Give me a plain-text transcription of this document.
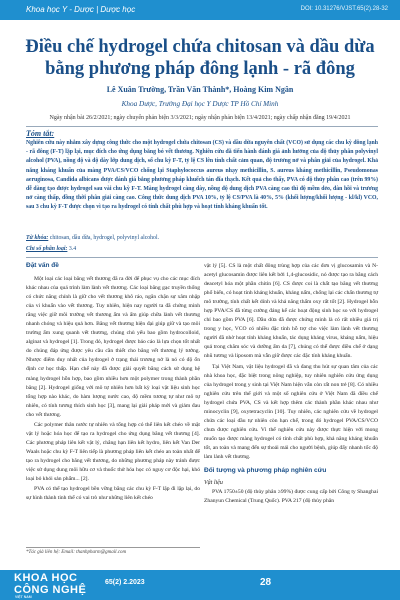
Khoa học Y - Dược | Dược học	DOI: 10.31276/VJST.65(2).28-32
Điều chế hydrogel chứa chitosan và dầu dừa
bằng phương pháp đông lạnh - rã đông
Lê Xuân Trường, Trần Văn Thành*, Hoàng Kim Ngân
Khoa Dược, Trường Đại học Y Dược TP Hồ Chí Minh
Ngày nhận bài 26/2/2021; ngày chuyển phản biện 3/3/2021; ngày nhận phản biện 13/4/2021; ngày chấp nhận đăng 19/4/2021
Tóm tắt:
Nghiên cứu này nhằm xây dựng công thức cho một hydrogel chứa chitosan (CS) và dầu dừa nguyên chất (VCO) sử dụng các chu kỳ đông lạnh - rã đông (F-T) lặp lại, mục đích cho ứng dụng băng bó vết thương. Nghiên cứu đã tiến hành đánh giá ảnh hưởng của độ thủy phân polyvinyl alcohol (PVA), nồng độ và độ dày lớp dung dịch, số chu kỳ F-T, tỷ lệ CS lên tính chất cảm quan, độ trương nở và phân giải của hydrogel. Khả năng kháng khuẩn của màng PVA/CS/VCO chống lại Staphylococcus aureus nhạy methicillin, S. aureus kháng methicillin, Pseudomonas aeruginosa, Candida albicans được đánh giá bằng phương pháp khuếch tán đĩa thạch. Kết quả cho thấy, PVA có độ thủy phân cao (trên 99%) dễ dàng tạo được hydrogel sau vài chu kỳ F-T. Màng hydrogel càng dày, nồng độ dung dịch PVA càng cao thì độ mềm dẻo, đàn hồi và trương nở càng thấp, đồng thời phân giải càng cao. Công thức dung dịch PVA 10%, tỷ lệ CS/PVA là 40%, 5% (khối lượng/khối lượng - kl/kl) VCO, sau 3 chu kỳ F-T được chọn vì tạo ra hydrogel có tính chất phù hợp và hoạt tính kháng khuẩn tốt.
Từ khóa: chitosan, dầu dừa, hydrogel, polyvinyl alcohol.
Chỉ số phân loại: 3.4
Đặt vấn đề

Một loại các loại băng vết thương đã ra đời để phục vụ cho các mục đích khác nhau của quá trình làm lành vết thương. Các loại băng gạc truyền thống có chức năng chính là giữ cho vết thương khô ráo, ngăn chặn sự xâm nhập của vi khuẩn vào vết thương. Tuy nhiên, hiện nay người ta đã chứng minh rằng việc giữ môi trường vết thương ẩm và ấm giúp chữa lành vết thương nhanh chóng và hiệu quả hơn. Băng vết thương hiện đại giúp giữ và tạo môi trường ẩm xung quanh vết thương, chúng chủ yếu bao gồm hydrocolloid, alginat và hydrogel [1]. Trong đó, hydrogel được báo cáo là lựa chọn tốt nhất do chúng đáp ứng được yêu cầu cần thiết cho băng vết thương lý tưởng. Nhược điểm duy nhất của hydrogel ở trạng thái trương nở là nó có độ ổn định cơ học thấp. Hạn chế này đã được giải quyết bằng cách sử dụng hệ màng hydrogel hỗn hợp, bao gồm nhiều hơn một polymer trong thành phần băng [2]. Hydrogel giống với mô tự nhiên hơn bất kỳ loại vật liệu sinh học tổng hợp nào khác, do hàm lượng nước cao, độ mềm tương tự như mô tự nhiên, có tính tương thích sinh học [3], mang lại giải pháp mới và giảm đau cho vết thương.

Các polymer thân nước tự nhiên và tổng hợp có thể liên kết chéo về mặt vật lý hoặc hóa học để tạo ra hydrogel cho ứng dụng băng vết thương [4]. Các phương pháp liên kết vật lý, chẳng hạn liên kết hydro, liên kết Van Der Waals hoặc chu kỳ F-T liên tiếp là phương pháp liên kết chéo an toàn nhất để tạo ra hydrogel cho băng vết thương, do những phương pháp này tránh được việc sử dụng dung môi hữu cơ và thuốc thử hóa học có nguy cơ độc hại, khó loại bỏ khỏi sản phẩm... [2].

PVA có thể tạo hydrogel bền vững bằng các chu kỳ F-T lặp đi lặp lại, do sự hình thành tinh thể có vai trò như những liên kết chéo

vật lý [5]. CS là một chất đông trùng hợp của các đơn vị glucosamin và N-acetyl glucosamin được liên kết bởi 1,4-glucosidic, nó được tạo ra bằng cách deacetyl hóa một phần chitin [6]. CS được coi là chất tạo băng vết thương phổ biến, có hoạt tính kháng khuẩn, kháng nấm, chống lại các chấn thương tự mô trường, tính chất kết dính và khả năng thấm oxy rất tốt [2]. Hydrogel hỗn hợp PVA/CS đã từng cường đáng kể các hoạt động sinh học so với hydrogel chỉ bao gồm PVA [6]. Dầu dừa đã được chứng minh là có rất nhiều giá trị trong y học, VCO có nhiều đặc tính hỗ trợ cho việc làm lành vết thương người đã nhờ hoạt tính kháng khuẩn, tác dụng kháng virus, kháng nấm, hiệu quả trong chăm sóc và dưỡng ẩm da [7], chúng có thể được điều chế ở dạng nhũ tương và liposom mà vẫn giữ được các đặc tính kháng khuẩn.

Tại Việt Nam, vật liệu hydrogel đã và đang thu hút sự quan tâm của các nhà khoa học, đặc biệt trong nông nghiệp, tuy nhiên nghiên cứu ứng dụng của hydrogel trong y sinh tại Việt Nam hiện vẫn còn rất non trẻ [8]. Có nhiều nghiên cứu trên thế giới và một số nghiên cứu ở Việt Nam đã điều chế hydrogel chứa PVA, CS và kết hợp thêm các thành phần khác nhau như minocyclin [9], oxytetracyclin [10]. Tuy nhiên, các nghiên cứu về hydrogel chứa các loại dầu tự nhiên còn hạn chế, trong đó hydrogel PVA/CS/VCO chưa được nghiên cứu. Vì thế nghiên cứu này được thực hiện với mong muốn tạo được màng hydrogel có tính chất phù hợp, khả năng kháng khuẩn tốt, an toàn và mang đến sự thoải mái cho người bệnh, giúp đẩy nhanh tốc độ làm lành vết thương.

Đối tượng và phương pháp nghiên cứu
Vật liệu

PVA 1750±50 (độ thủy phân ≥99%) được cung cấp bởi Công ty Shanghai Zhanyun Chemical (Trung Quốc). PVA 217 (độ thủy phân

*Tác giả liên hệ: Email: thanhpharm@gmail.com
KHOA HỌC
CÔNG NGHỆ
VIỆT NAM
65(2) 2.2023	28
